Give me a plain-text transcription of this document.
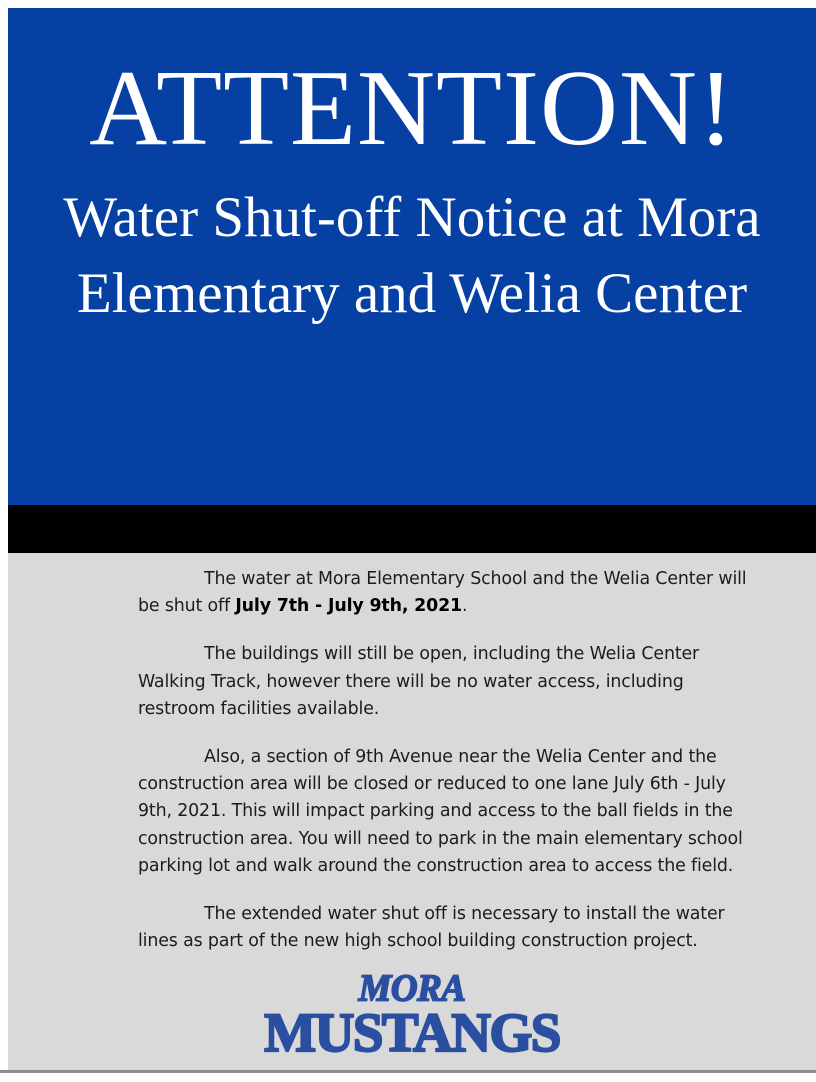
ATTENTION!
Water Shut-off Notice at Mora Elementary and Welia Center

The water at Mora Elementary School and the Welia Center will be shut off July 7th - July 9th, 2021.

The buildings will still be open, including the Welia Center Walking Track, however there will be no water access, including restroom facilities available.

Also, a section of 9th Avenue near the Welia Center and the construction area will be closed or reduced to one lane July 6th - July 9th, 2021. This will impact parking and access to the ball fields in the construction area. You will need to park in the main elementary school parking lot and walk around the construction area to access the field.

The extended water shut off is necessary to install the water lines as part of the new high school building construction project.

MORA
MUSTANGS
